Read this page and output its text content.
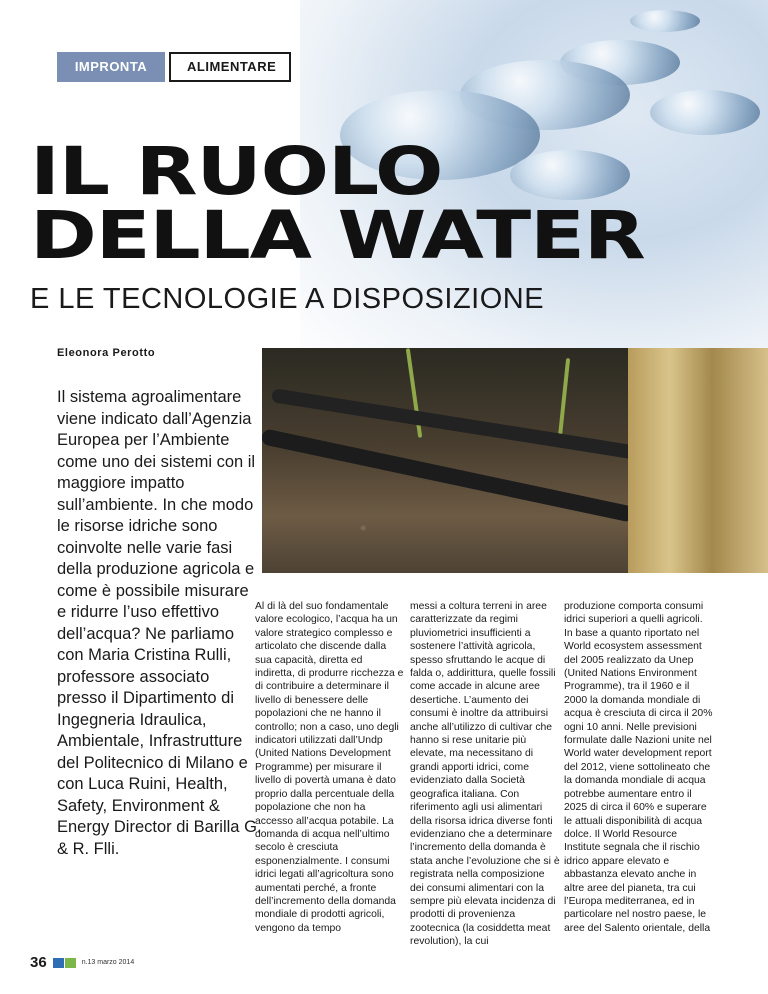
IMPRONTA	ALIMENTARE
IL RUOLO
DELLA WATER
E LE TECNOLOGIE A DISPOSIZIONE
Eleonora Perotto
Il sistema agroalimentare viene indicato dall’Agenzia Europea per l’Ambiente come uno dei sistemi con il maggiore impatto sull’ambiente. In che modo le risorse idriche sono coinvolte nelle varie fasi della produzione agricola e come è possibile misurare e ridurre l’uso effettivo dell’acqua? Ne parliamo con Maria Cristina Rulli, professore associato presso il Dipartimento di Ingegneria Idraulica, Ambientale, Infrastrutture del Politecnico di Milano e con Luca Ruini, Health, Safety, Environment & Energy Director di Barilla G. & R. Flli.
Al di là del suo fondamentale valore ecologico, l’acqua ha un valore strategico complesso e articolato che discende dalla sua capacità, diretta ed indiretta, di produrre ricchezza e di contribuire a determinare il livello di benessere delle popolazioni che ne hanno il controllo; non a caso, uno degli indicatori utilizzati dall’Undp (United Nations Development Programme) per misurare il livello di povertà umana è dato proprio dalla percentuale della popolazione che non ha accesso all’acqua potabile. La domanda di acqua nell’ultimo secolo è cresciuta esponenzialmente. I consumi idrici legati all’agricoltura sono aumentati perché, a fronte dell’incremento della domanda mondiale di prodotti agricoli, vengono da tempo
messi a coltura terreni in aree caratterizzate da regimi pluviometrici insufficienti a sostenere l’attività agricola, spesso sfruttando le acque di falda o, addirittura, quelle fossili come accade in alcune aree desertiche. L’aumento dei consumi è inoltre da attribuirsi anche all’utilizzo di cultivar che hanno si rese unitarie più elevate, ma necessitano di grandi apporti idrici, come evidenziato dalla Società geografica italiana. Con riferimento agli usi alimentari della risorsa idrica diverse fonti evidenziano che a determinare l’incremento della domanda è stata anche l’evoluzione che si è registrata nella composizione dei consumi alimentari con la sempre più elevata incidenza di prodotti di provenienza zootecnica (la cosiddetta meat revolution), la cui
produzione comporta consumi idrici superiori a quelli agricoli. In base a quanto riportato nel World ecosystem assessment del 2005 realizzato da Unep (United Nations Environment Programme), tra il 1960 e il 2000 la domanda mondiale di acqua è cresciuta di circa il 20% ogni 10 anni. Nelle previsioni formulate dalle Nazioni unite nel World water development report del 2012, viene sottolineato che la domanda mondiale di acqua potrebbe aumentare entro il 2025 di circa il 60% e superare le attuali disponibilità di acqua dolce. Il World Resource Institute segnala che il rischio idrico appare elevato e abbastanza elevato anche in altre aree del pianeta, tra cui l’Europa mediterranea, ed in particolare nel nostro paese, le aree del Salento orientale, della
36	n.13 marzo 2014
